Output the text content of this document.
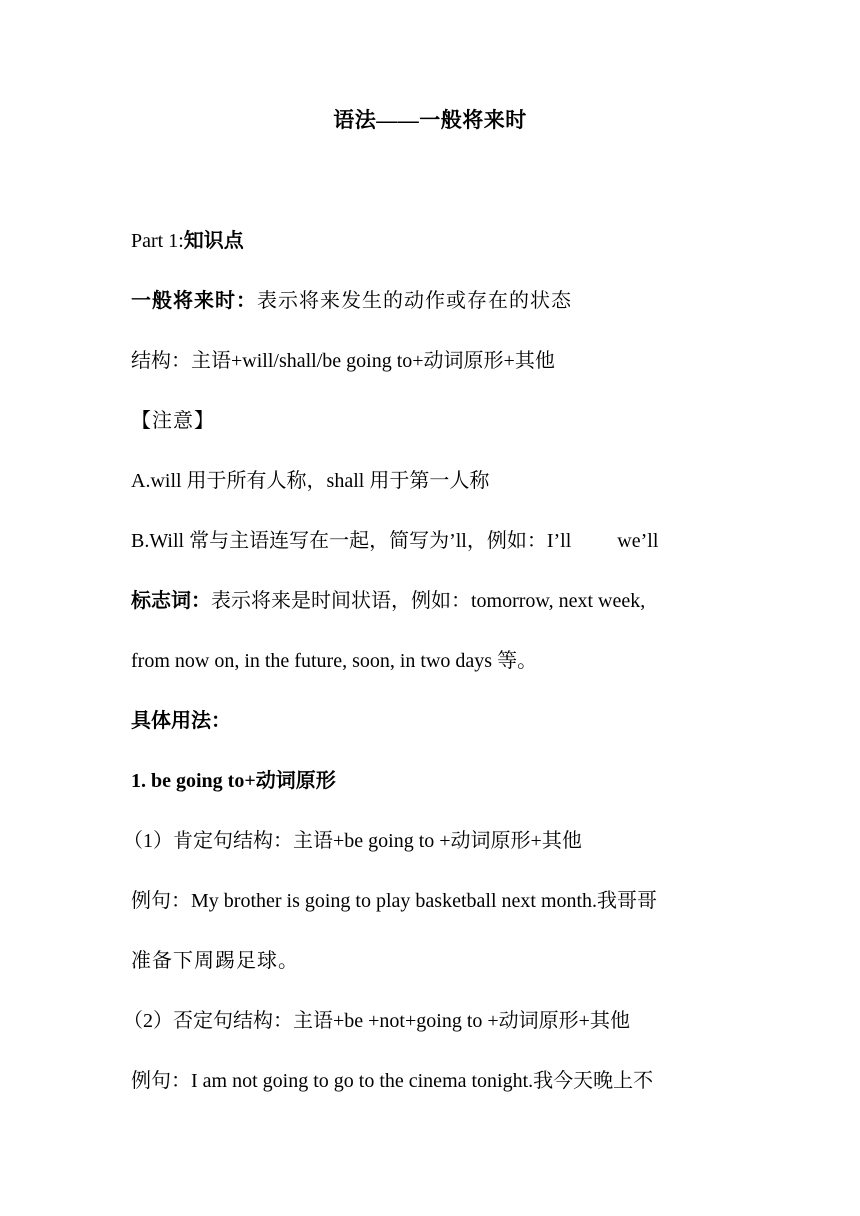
语法——一般将来时
Part 1:知识点
一般将来时：表示将来发生的动作或存在的状态
结构：主语+will/shall/be going to+动词原形+其他
【注意】
A.will 用于所有人称，shall 用于第一人称
B.Will 常与主语连写在一起，简写为’ll，例如：I’ll we’ll
标志词：表示将来是时间状语，例如：tomorrow, next week,
from now on, in the future, soon, in two days 等。
具体用法：
1. be going to+动词原形
（1）肯定句结构：主语+be going to +动词原形+其他
例句：My brother is going to play basketball next month.我哥哥
准备下周踢足球。
（2）否定句结构：主语+be +not+going to +动词原形+其他
例句：I am not going to go to the cinema tonight.我今天晚上不
